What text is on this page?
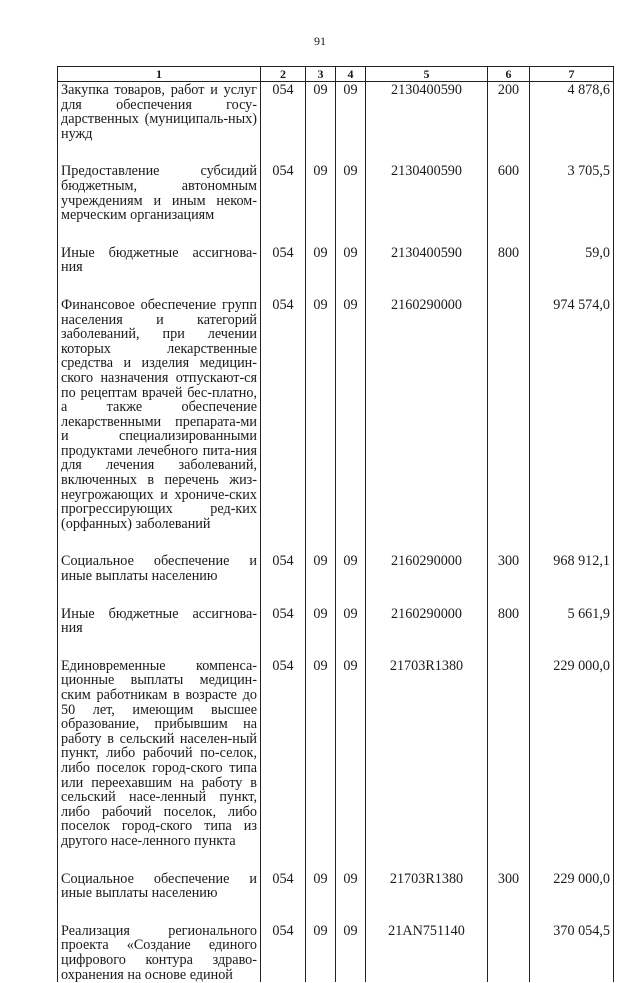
91
1	2	3	4	5	6	7
Закупка товаров, работ и услуг для обеспечения госу-дарственных (муниципаль-ных) нужд	054	09	09	2130400590	200	4 878,6
Предоставление субсидий бюджетным, автономным учреждениям и иным неком-мерческим организациям	054	09	09	2130400590	600	3 705,5
Иные бюджетные ассигнова-ния	054	09	09	2130400590	800	59,0
Финансовое обеспечение групп населения и категорий заболеваний, при лечении которых лекарственные средства и изделия медицин-ского назначения отпускают-ся по рецептам врачей бес-платно, а также обеспечение лекарственными препарата-ми и специализированными продуктами лечебного пита-ния для лечения заболеваний, включенных в перечень жиз-неугрожающих и хрониче-ских прогрессирующих ред-ких (орфанных) заболеваний	054	09	09	2160290000		974 574,0
Социальное обеспечение и иные выплаты населению	054	09	09	2160290000	300	968 912,1
Иные бюджетные ассигнова-ния	054	09	09	2160290000	800	5 661,9
Единовременные компенса-ционные выплаты медицин-ским работникам в возрасте до 50 лет, имеющим высшее образование, прибывшим на работу в сельский населен-ный пункт, либо рабочий по-селок, либо поселок город-ского типа или переехавшим на работу в сельский насе-ленный пункт, либо рабочий поселок, либо поселок город-ского типа из другого насе-ленного пункта	054	09	09	21703R1380		229 000,0
Социальное обеспечение и иные выплаты населению	054	09	09	21703R1380	300	229 000,0
Реализация регионального проекта «Создание единого цифрового контура здраво-охранения на основе единой	054	09	09	21AN751140		370 054,5
